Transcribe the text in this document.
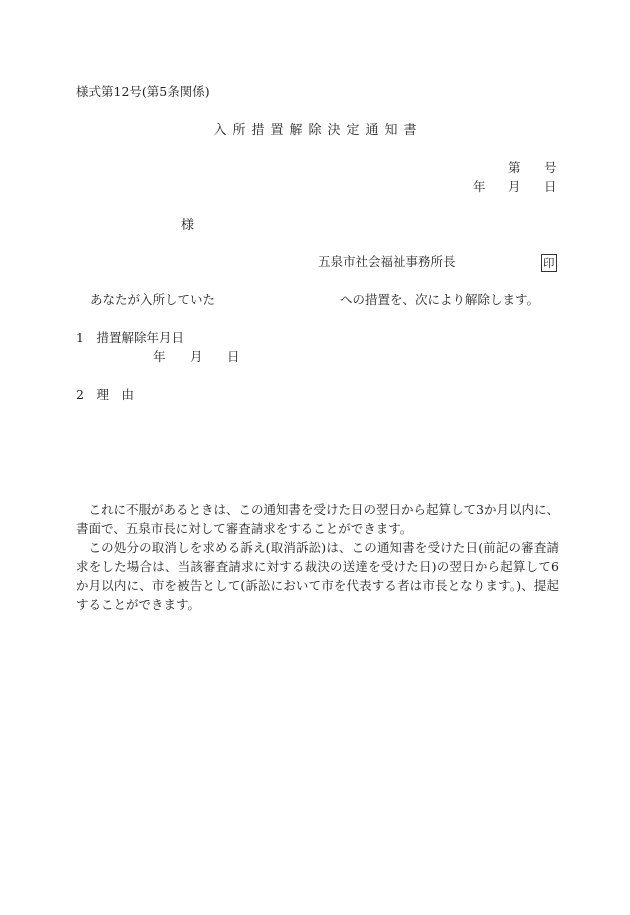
様式第12号(第5条関係)
入所措置解除決定通知書
第 号
年 月 日
様
五泉市社会福祉事務所長	印
あなたが入所していた	への措置を、次により解除します。
1　措置解除年月日
年 月 日
2　理　由

これに不服があるときは、この通知書を受けた日の翌日から起算して3か月以内に、書面で、五泉市長に対して審査請求をすることができます。

この処分の取消しを求める訴え(取消訴訟)は、この通知書を受けた日(前記の審査請求をした場合は、当該審査請求に対する裁決の送達を受けた日)の翌日から起算して6か月以内に、市を被告として(訴訟において市を代表する者は市長となります。)、提起することができます。
